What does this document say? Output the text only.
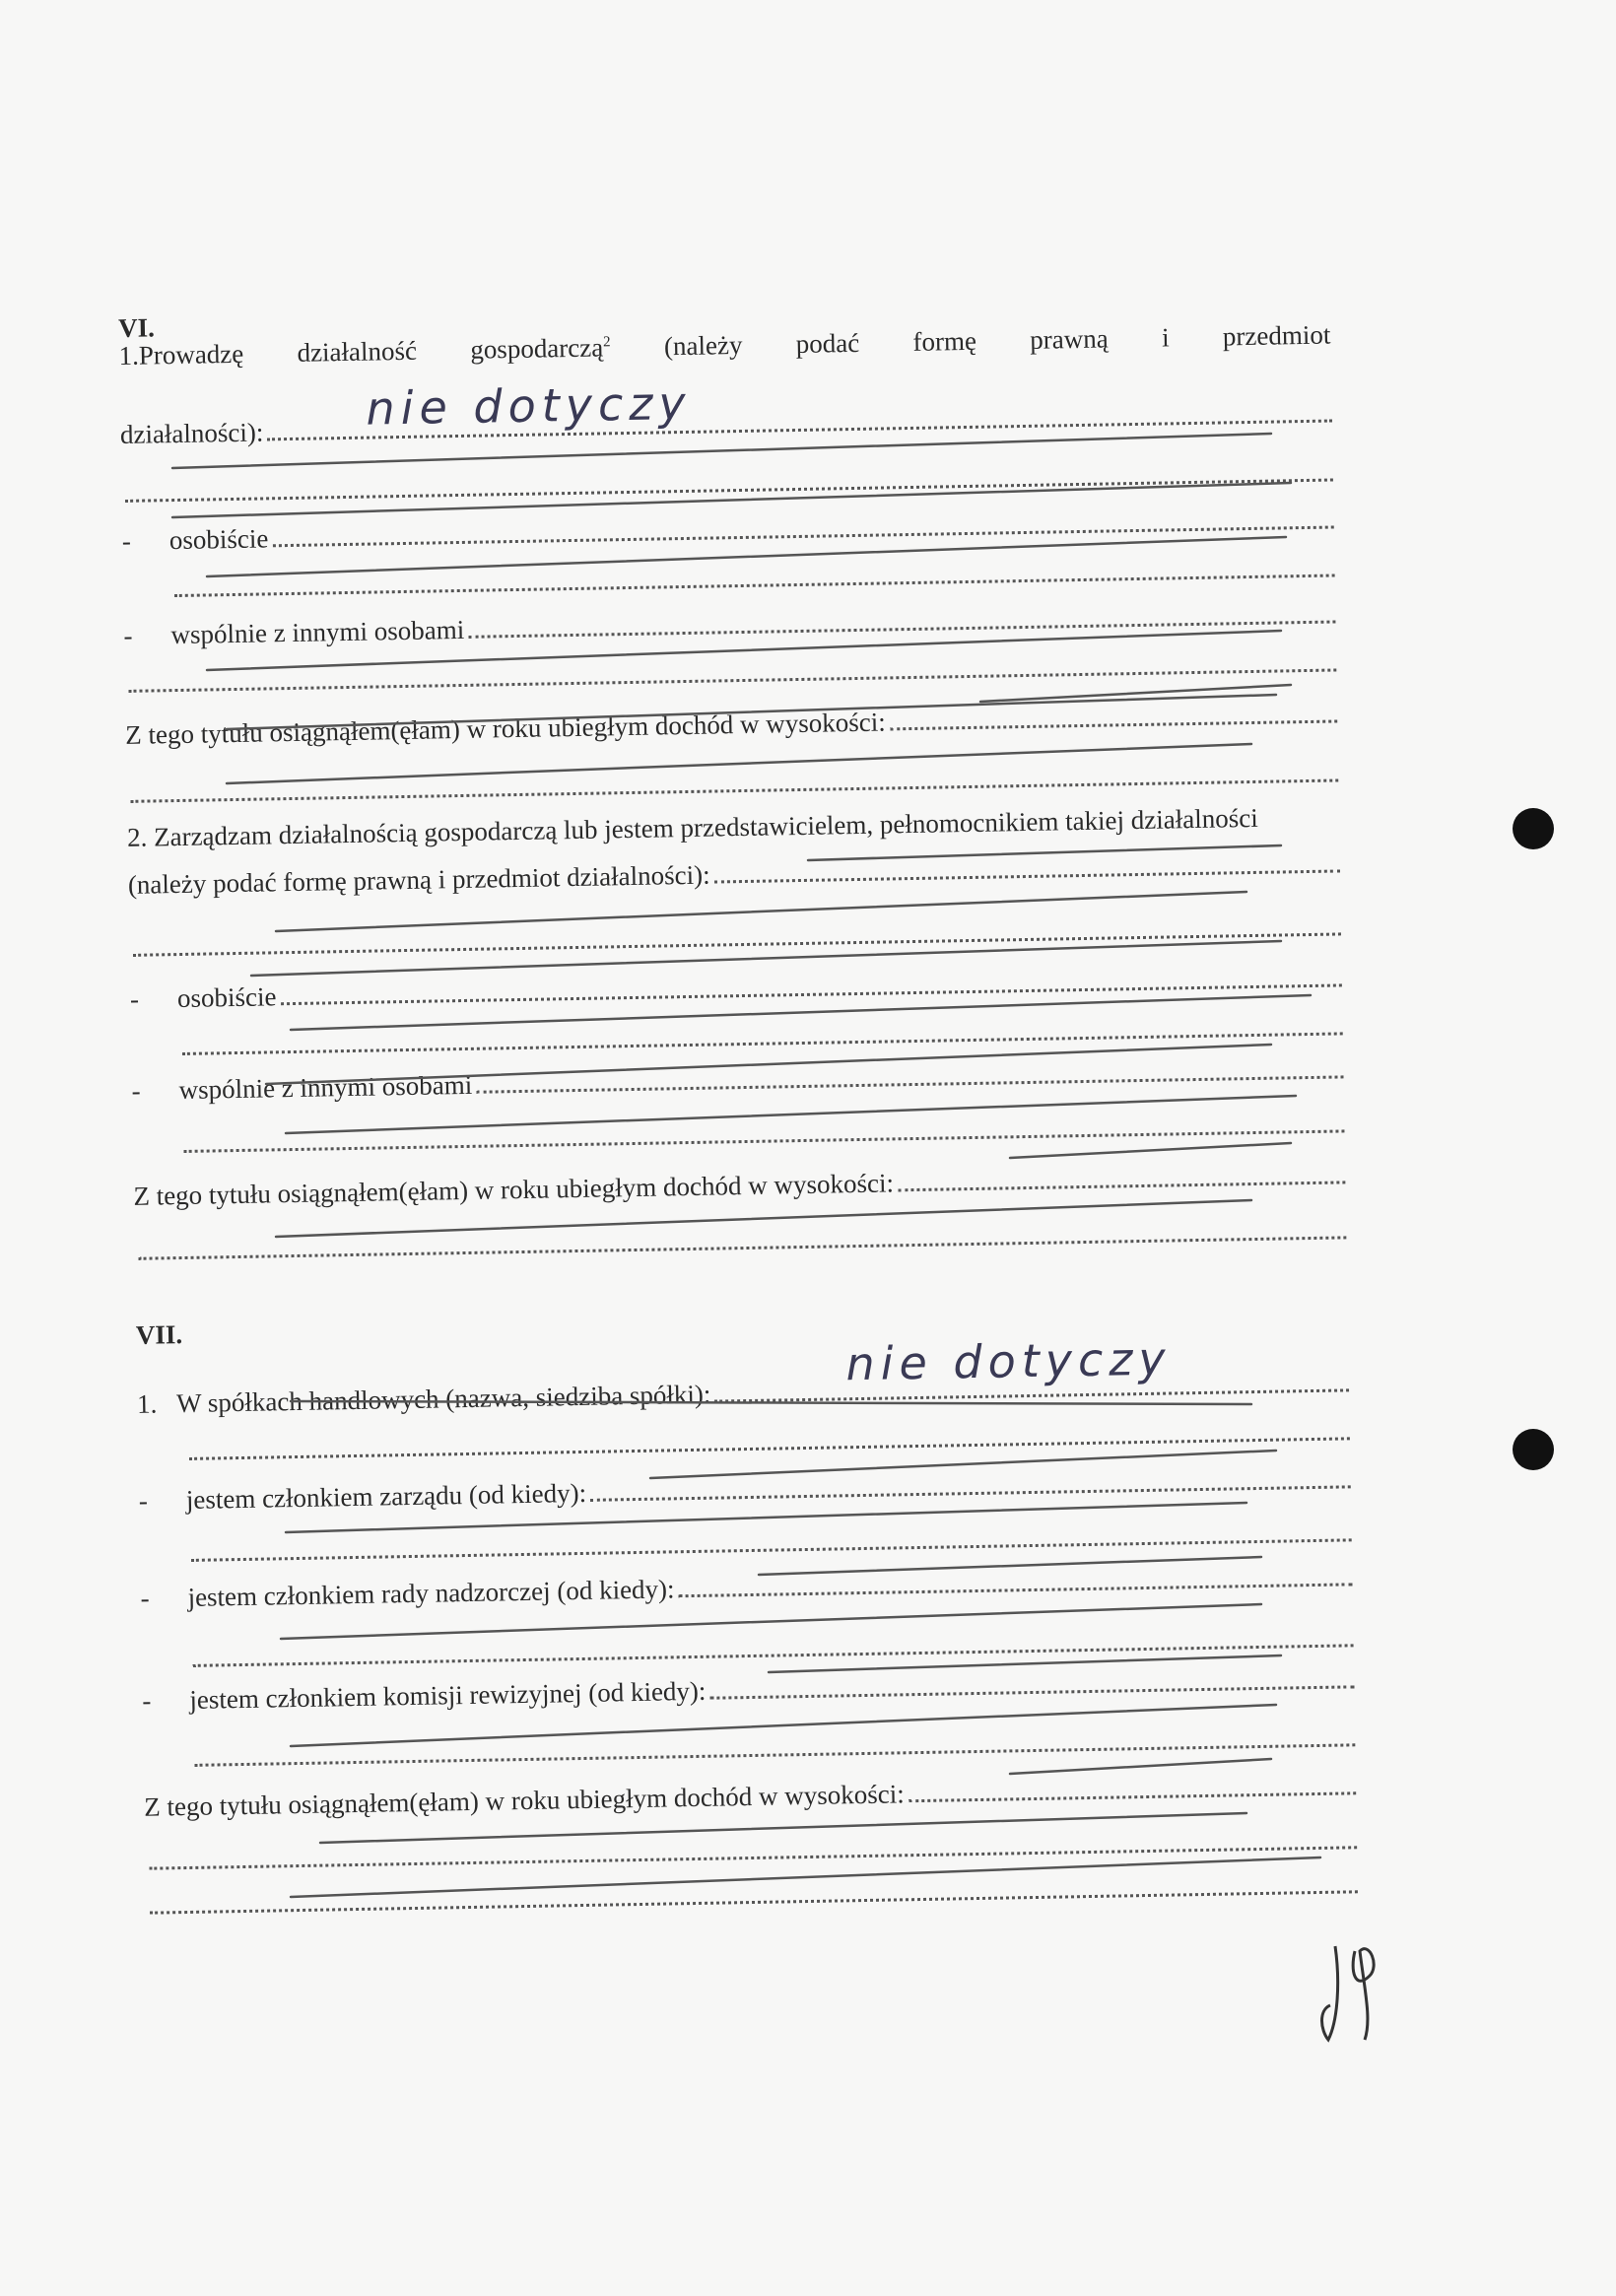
VI.
1.Prowadzę działalność gospodarczą$^2$ (należy podać formę prawną i przedmiot
działalności): nie dotyczy
-	osobiście
-	wspólnie z innymi osobami
Z tego tytułu osiągnąłem(ęłam) w roku ubiegłym dochód w wysokości:
2. Zarządzam działalnością gospodarczą lub jestem przedstawicielem, pełnomocnikiem takiej działalności
(należy podać formę prawną i przedmiot działalności):
-	osobiście
-	wspólnie z innymi osobami
Z tego tytułu osiągnąłem(ęłam) w roku ubiegłym dochód w wysokości:
VII.
1.   W spółkach handlowych (nazwa, siedziba spółki):
nie dotyczy
-	jestem członkiem zarządu (od kiedy):
-	jestem członkiem rady nadzorczej (od kiedy):
-	jestem członkiem komisji rewizyjnej (od kiedy):
Z tego tytułu osiągnąłem(ęłam) w roku ubiegłym dochód w wysokości:
